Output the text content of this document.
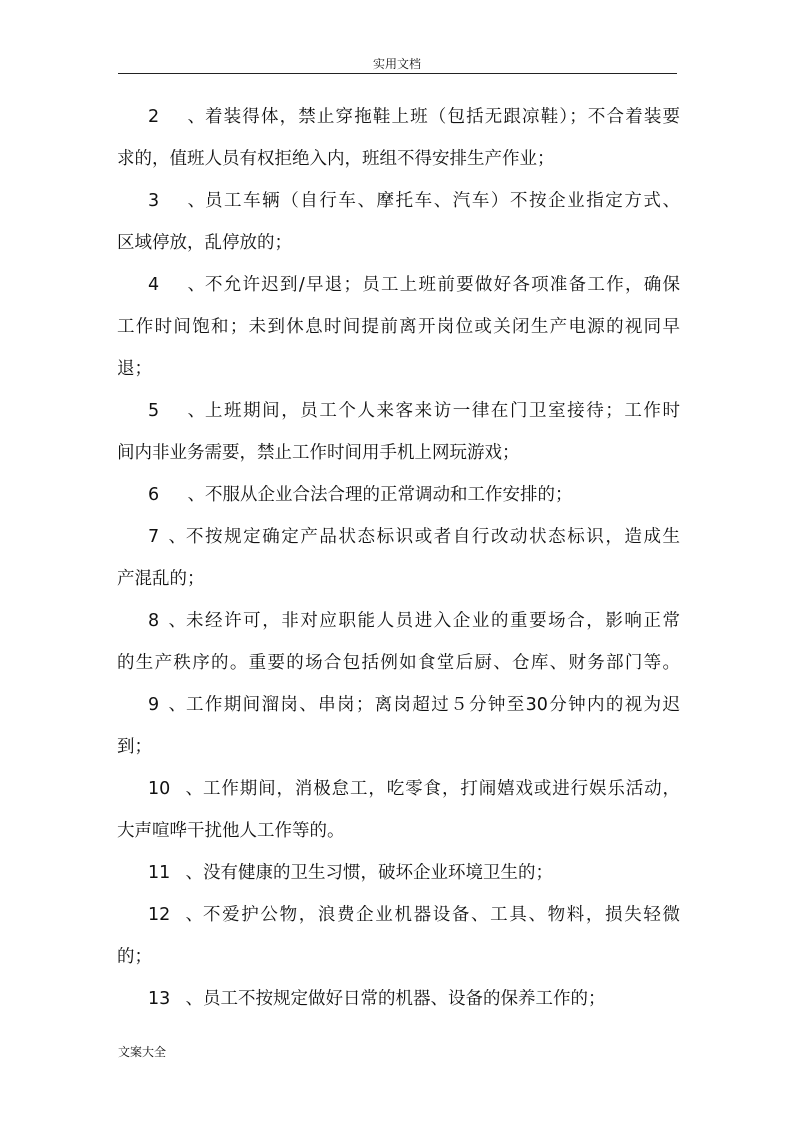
实用文档
2、 着装得体，禁止穿拖鞋上班（包括无跟凉鞋）；不合着装要
求的，值班人员有权拒绝入内，班组不得安排生产作业；
3、 员工车辆（自行车、摩托车、汽车）不按企业指定方式、
区域停放，乱停放的；
4、 不允许迟到/早退；员工上班前要做好各项准备工作，确保
工作时间饱和；未到休息时间提前离开岗位或关闭生产电源的视同早
退；
5、 上班期间，员工个人来客来访一律在门卫室接待；工作时
间内非业务需要，禁止工作时间用手机上网玩游戏；
6、 不服从企业合法合理的正常调动和工作安排的；
7、 不按规定确定产品状态标识或者自行改动状态标识，造成生
产混乱的；
8、 未经许可，非对应职能人员进入企业的重要场合，影响正常
的生产秩序的。重要的场合包括例如食堂后厨、仓库、财务部门等。
9、 工作期间溜岗、串岗；离岗超过５分钟至30分钟内的视为迟
到；
10、 工作期间，消极怠工，吃零食，打闹嬉戏或进行娱乐活动，
大声喧哗干扰他人工作等的。
11、 没有健康的卫生习惯，破坏企业环境卫生的；
12、 不爱护公物，浪费企业机器设备、工具、物料，损失轻微
的；
13、 员工不按规定做好日常的机器、设备的保养工作的；
文案大全
